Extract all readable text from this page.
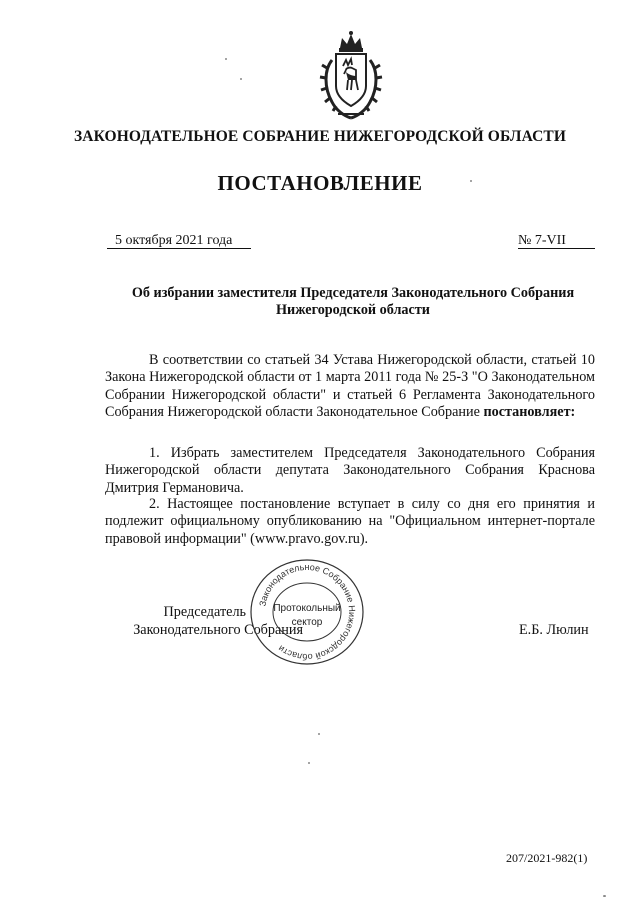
ЗАКОНОДАТЕЛЬНОЕ СОБРАНИЕ НИЖЕГОРОДСКОЙ ОБЛАСТИ
ПОСТАНОВЛЕНИЕ
5 октября 2021 года	№ 7-VII
Об избрании заместителя Председателя Законодательного Собрания
Нижегородской области
В соответствии со статьей 34 Устава Нижегородской области, статьей 10 Закона Нижегородской области от 1 марта 2011 года № 25-З "О Законодательном Собрании Нижегородской области" и статьей 6 Регламента Законодательного Собрания Нижегородской области Законодательное Собрание постановляет:
1. Избрать заместителем Председателя Законодательного Собрания Нижегородской области депутата Законодательного Собрания Краснова Дмитрия Германовича.
2. Настоящее постановление вступает в силу со дня его принятия и подлежит официальному опубликованию на "Официальном интернет-портале правовой информации" (www.pravo.gov.ru).
Председатель
Законодательного Собрания
Законодательное Собрание Нижегородской области
Протокольный
сектор	Е.Б. Люлин
207/2021-982(1)
